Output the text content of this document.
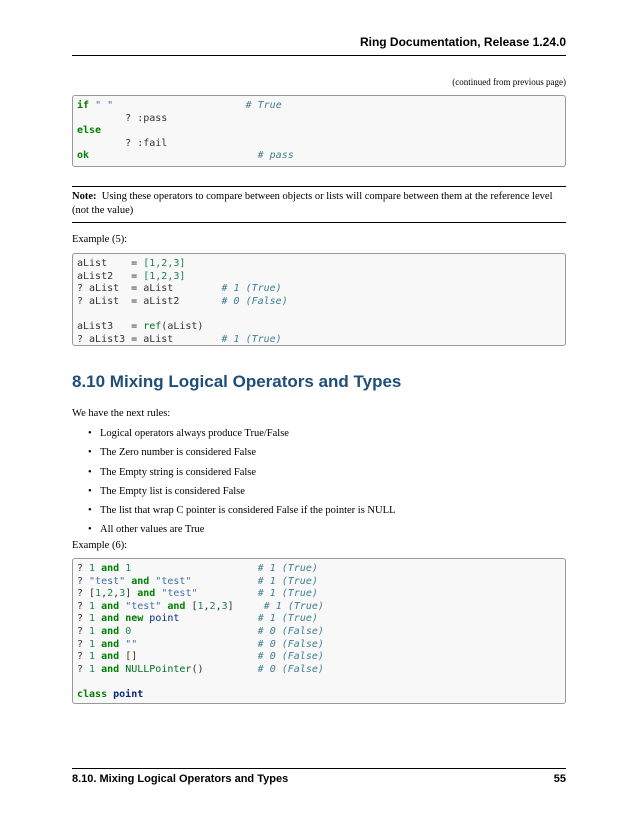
Ring Documentation, Release 1.24.0
(continued from previous page)
if " "	# True
? :pass
else
? :fail
ok	# pass
Note: Using these operators to compare between objects or lists will compare between them at the reference level (not the value)
Example (5):
aList    = [1,2,3]
aList2   = [1,2,3]
? aList  = aList        # 1 (True)
? aList  = aList2       # 0 (False)

aList3   = ref(aList)
? aList3 = aList        # 1 (True)
8.10 Mixing Logical Operators and Types
We have the next rules:
• Logical operators always produce True/False
• The Zero number is considered False
• The Empty string is considered False
• The Empty list is considered False
• The list that wrap C pointer is considered False if the pointer is NULL
• All other values are True
Example (6):
? 1 and 1	# 1 (True)
? "test" and "test"	# 1 (True)
? [1,2,3] and "test"	# 1 (True)
? 1 and "test" and [1,2,3]     # 1 (True)
? 1 and new point	# 1 (True)
? 1 and 0	# 0 (False)
? 1 and ""	# 0 (False)
? 1 and []                    # 0 (False)
? 1 and NULLPointer()         # 0 (False)

class point
8.10. Mixing Logical Operators and Types	55
